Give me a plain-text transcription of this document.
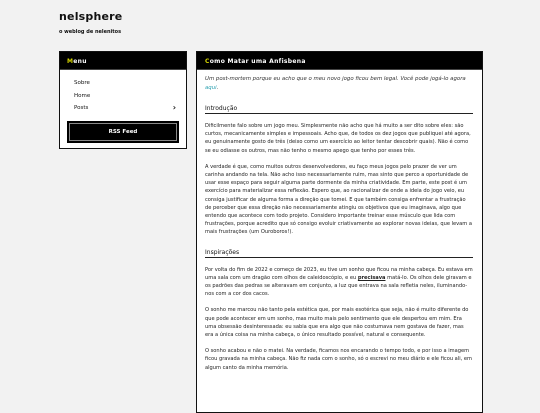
nelsphere
o weblog de nelenitos
Menu
Sobre
Home
Posts	›
RSS Feed
Como Matar uma Anfisbena

Um post-mortem porque eu acho que o meu novo jogo ficou bem legal. Você pode jogá-lo agora aqui.

Introdução

Dificilmente falo sobre um jogo meu. Simplesmente não acho que há muito a ser dito sobre eles: são curtos, mecanicamente simples e impessoais. Acho que, de todos os dez jogos que publiquei até agora, eu genuinamente gosto de três (deixo como um exercício ao leitor tentar descobrir quais). Não é como se eu odiasse os outros, mas não tenho o mesmo apego que tenho por esses três.

A verdade é que, como muitos outros desenvolvedores, eu faço meus jogos pelo prazer de ver um carinha andando na tela. Não acho isso necessariamente ruim, mas sinto que perco a oportunidade de usar esse espaço para seguir alguma parte dormente da minha criatividade. Em parte, este post é um exercício para materializar essa reflexão. Espero que, ao racionalizar de onde a ideia do jogo veio, eu consiga justificar de alguma forma a direção que tomei. E que também consiga enfrentar a frustração de perceber que essa direção não necessariamente atingiu os objetivos que eu imaginava, algo que entendo que acontece com todo projeto. Considero importante treinar esse músculo que lida com frustrações, porque acredito que só consigo evoluir criativamente ao explorar novas ideias, que levam a mais frustrações (um Ouroboros!).

Inspirações

Por volta do fim de 2022 e começo de 2023, eu tive um sonho que ficou na minha cabeça. Eu estava em uma sala com um dragão com olhos de caleidoscópio, e eu precisava matá-lo. Os olhos dele giravam e os padrões das pedras se alteravam em conjunto, a luz que entrava na sala refletia neles, iluminando-nos com a cor dos cacos.

O sonho me marcou não tanto pela estética que, por mais esotérica que seja, não é muito diferente do que pode acontecer em um sonho, mas muito mais pelo sentimento que ele despertou em mim. Era uma obsessão desinteressada: eu sabia que era algo que não costumava nem gostava de fazer, mas era a única coisa na minha cabeça, o único resultado possível, natural e consequente.

O sonho acabou e não o matei. Na verdade, ficamos nos encarando o tempo todo, e por isso a imagem ficou gravada na minha cabeça. Não fiz nada com o sonho, só o escrevi no meu diário e ele ficou ali, em algum canto da minha memória.
